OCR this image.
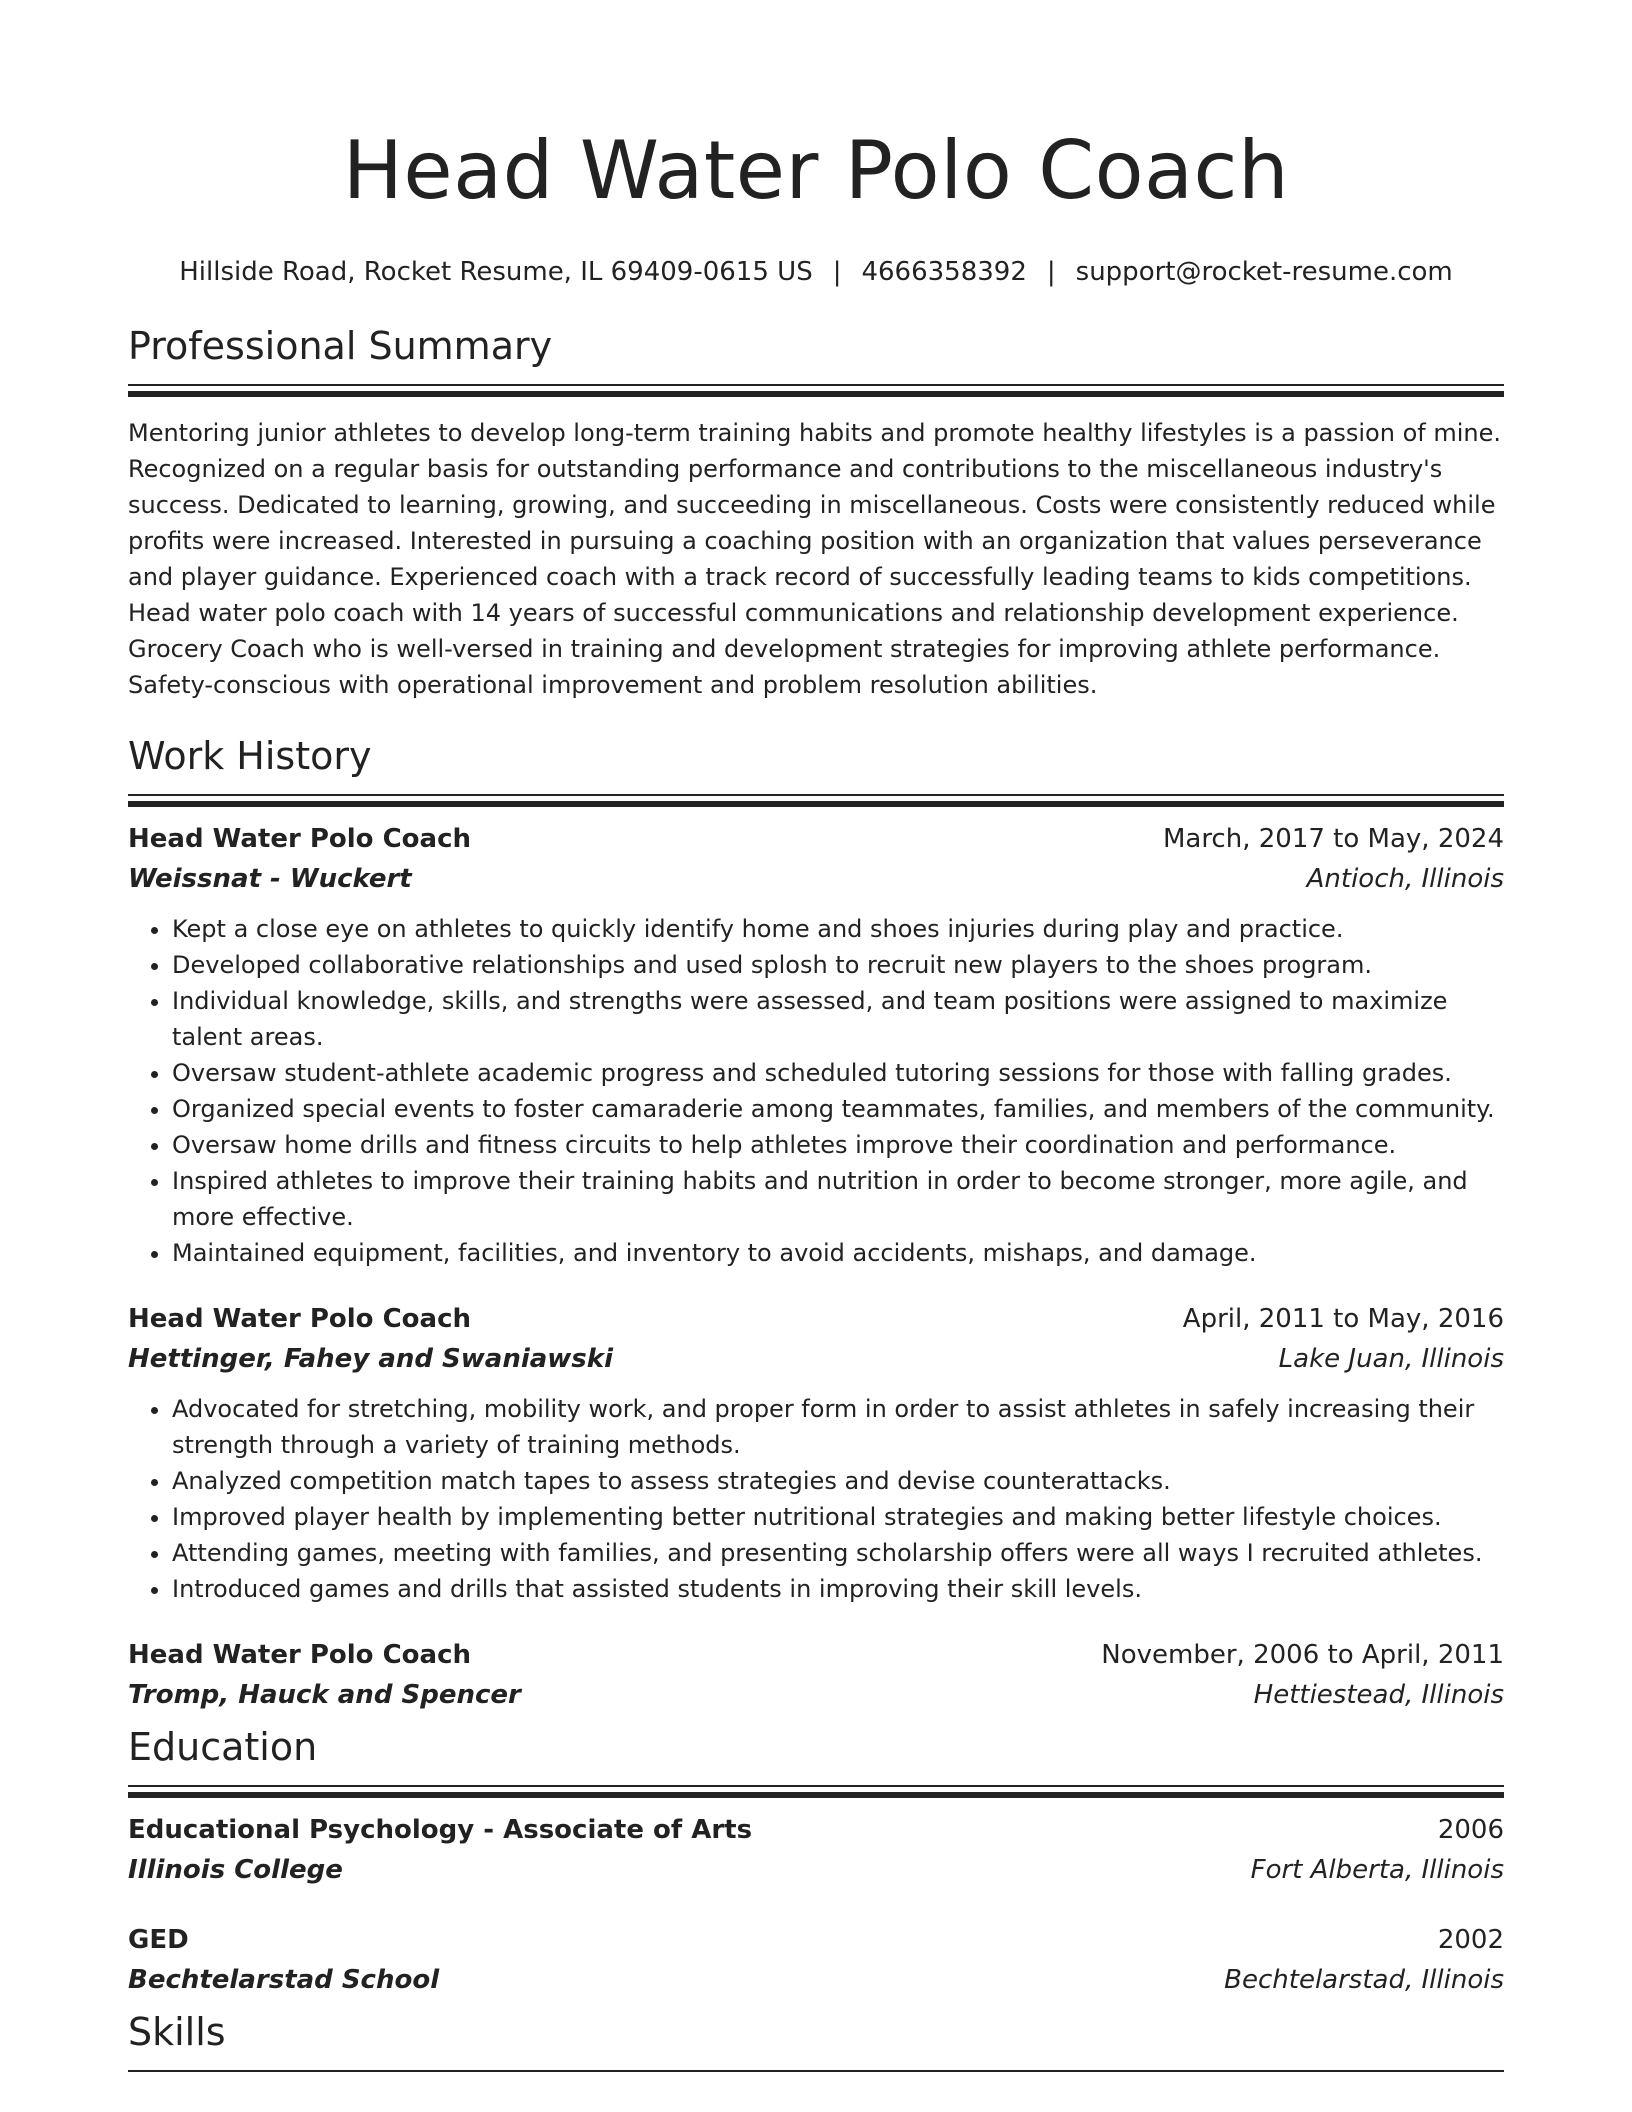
Head Water Polo Coach
Hillside Road, Rocket Resume, IL 69409-0615 US | 4666358392 | support@rocket-resume.com
Professional Summary

Mentoring junior athletes to develop long-term training habits and promote healthy lifestyles is a passion of mine. Recognized on a regular basis for outstanding performance and contributions to the miscellaneous industry's success. Dedicated to learning, growing, and succeeding in miscellaneous. Costs were consistently reduced while profits were increased. Interested in pursuing a coaching position with an organization that values perseverance and player guidance. Experienced coach with a track record of successfully leading teams to kids competitions. Head water polo coach with 14 years of successful communications and relationship development experience. Grocery Coach who is well-versed in training and development strategies for improving athlete performance. Safety-conscious with operational improvement and problem resolution abilities.

Work History
Head Water Polo Coach	March, 2017 to May, 2024
Weissnat - Wuckert	Antioch, Illinois
• Kept a close eye on athletes to quickly identify home and shoes injuries during play and practice.
• Developed collaborative relationships and used splosh to recruit new players to the shoes program.
• Individual knowledge, skills, and strengths were assessed, and team positions were assigned to maximize talent areas.
• Oversaw student-athlete academic progress and scheduled tutoring sessions for those with falling grades.
• Organized special events to foster camaraderie among teammates, families, and members of the community.
• Oversaw home drills and fitness circuits to help athletes improve their coordination and performance.
• Inspired athletes to improve their training habits and nutrition in order to become stronger, more agile, and more effective.
• Maintained equipment, facilities, and inventory to avoid accidents, mishaps, and damage.
Head Water Polo Coach	April, 2011 to May, 2016
Hettinger, Fahey and Swaniawski	Lake Juan, Illinois
• Advocated for stretching, mobility work, and proper form in order to assist athletes in safely increasing their strength through a variety of training methods.
• Analyzed competition match tapes to assess strategies and devise counterattacks.
• Improved player health by implementing better nutritional strategies and making better lifestyle choices.
• Attending games, meeting with families, and presenting scholarship offers were all ways I recruited athletes.
• Introduced games and drills that assisted students in improving their skill levels.
Head Water Polo Coach	November, 2006 to April, 2011
Tromp, Hauck and Spencer	Hettiestead, Illinois
Education
Educational Psychology - Associate of Arts	2006
Illinois College	Fort Alberta, Illinois
GED	2002
Bechtelarstad School	Bechtelarstad, Illinois
Skills
